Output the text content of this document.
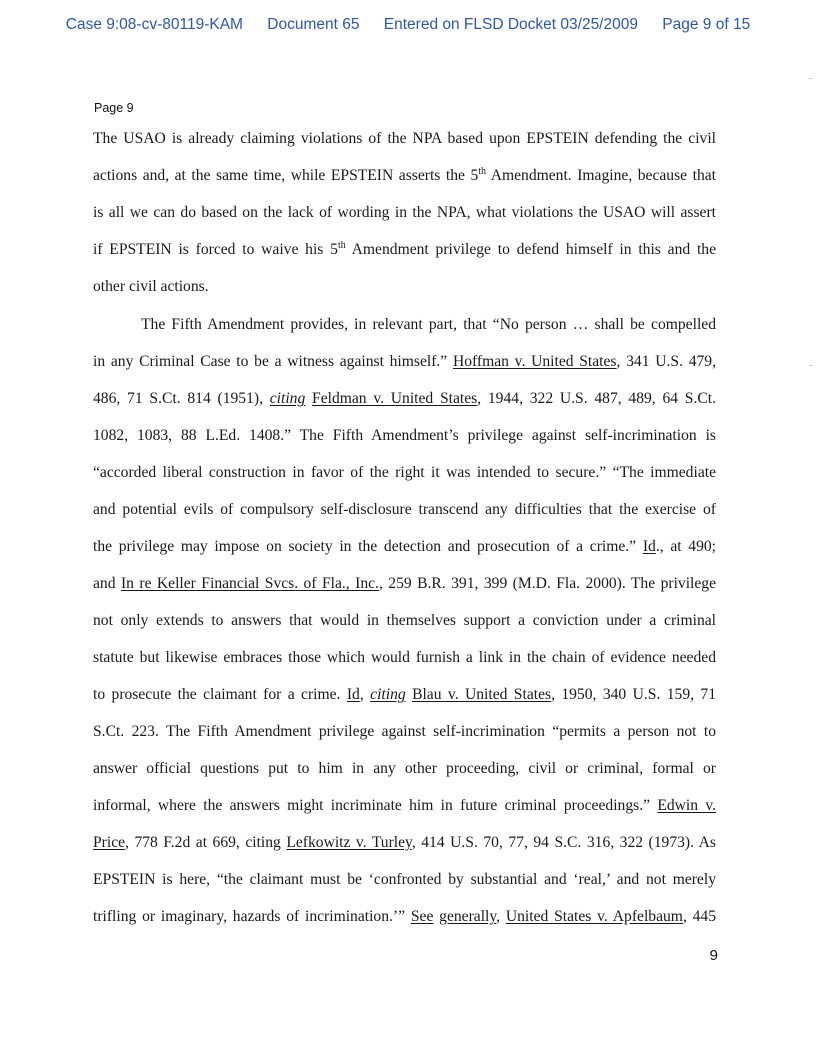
Case 9:08-cv-80119-KAM Document 65 Entered on FLSD Docket 03/25/2009 Page 9 of 15
Page 9
The USAO is already claiming violations of the NPA based upon EPSTEIN defending the civil
actions and, at the same time, while EPSTEIN asserts the 5th Amendment. Imagine, because that
is all we can do based on the lack of wording in the NPA, what violations the USAO will assert
if EPSTEIN is forced to waive his 5th Amendment privilege to defend himself in this and the
other civil actions.
The Fifth Amendment provides, in relevant part, that “No person … shall be compelled
in any Criminal Case to be a witness against himself.” Hoffman v. United States, 341 U.S. 479,
486, 71 S.Ct. 814 (1951), citing Feldman v. United States, 1944, 322 U.S. 487, 489, 64 S.Ct.
1082, 1083, 88 L.Ed. 1408.” The Fifth Amendment’s privilege against self-incrimination is
“accorded liberal construction in favor of the right it was intended to secure.” “The immediate
and potential evils of compulsory self-disclosure transcend any difficulties that the exercise of
the privilege may impose on society in the detection and prosecution of a crime.” Id., at 490;
and In re Keller Financial Svcs. of Fla., Inc., 259 B.R. 391, 399 (M.D. Fla. 2000). The privilege
not only extends to answers that would in themselves support a conviction under a criminal
statute but likewise embraces those which would furnish a link in the chain of evidence needed
to prosecute the claimant for a crime. Id, citing Blau v. United States, 1950, 340 U.S. 159, 71
S.Ct. 223. The Fifth Amendment privilege against self-incrimination “permits a person not to
answer official questions put to him in any other proceeding, civil or criminal, formal or
informal, where the answers might incriminate him in future criminal proceedings.” Edwin v.
Price, 778 F.2d at 669, citing Lefkowitz v. Turley, 414 U.S. 70, 77, 94 S.C. 316, 322 (1973). As
EPSTEIN is here, “the claimant must be ‘confronted by substantial and ‘real,’ and not merely
trifling or imaginary, hazards of incrimination.’” See generally, United States v. Apfelbaum, 445
9
